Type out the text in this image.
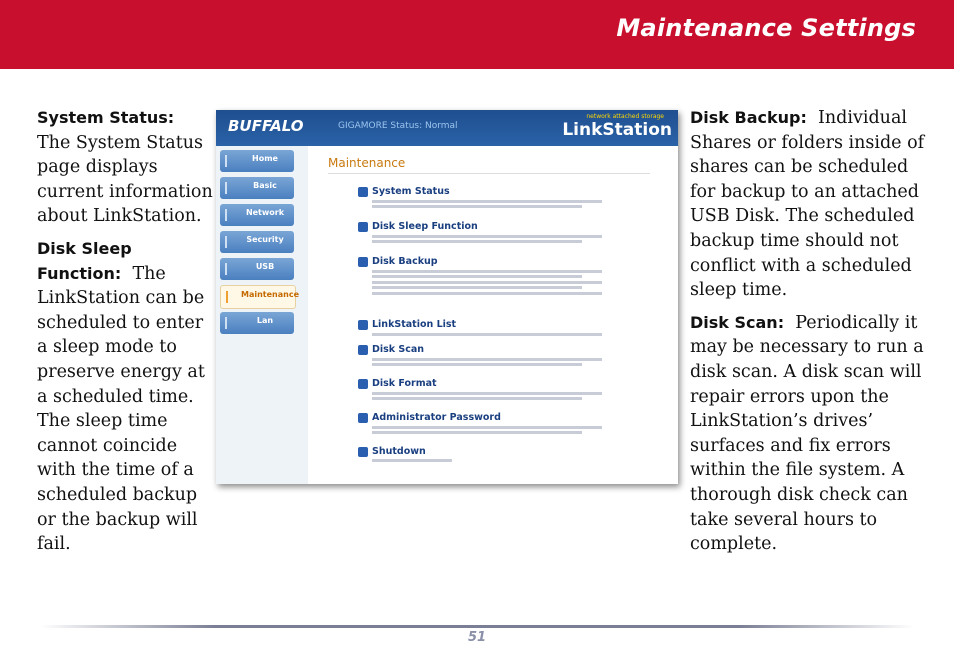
Maintenance Settings

System Status:  The System Status page displays current information about LinkStation.

Disk Sleep Function: The LinkStation can be scheduled to enter a sleep mode to preserve energy at a scheduled time. The sleep time cannot coincide with the time of a scheduled backup or the backup will fail.

BUFFALO	GIGAMORE Status: Normal
network attached storage
LinkStation
Home
Basic
Network
Security
USB
Maintenance
Lan
Maintenance
System Status
Disk Sleep Function
Disk Backup
LinkStation List
Disk Scan
Disk Format
Administrator Password
Shutdown

Disk Backup: Individual Shares or folders inside of shares can be scheduled for backup to an attached USB Disk. The scheduled backup time should not conflict with a scheduled sleep time.

Disk Scan: Periodically it may be necessary to run a disk scan. A disk scan will repair errors upon the LinkStation’s drives’ surfaces and fix errors within the file system. A thorough disk check can take several hours to complete.

51
